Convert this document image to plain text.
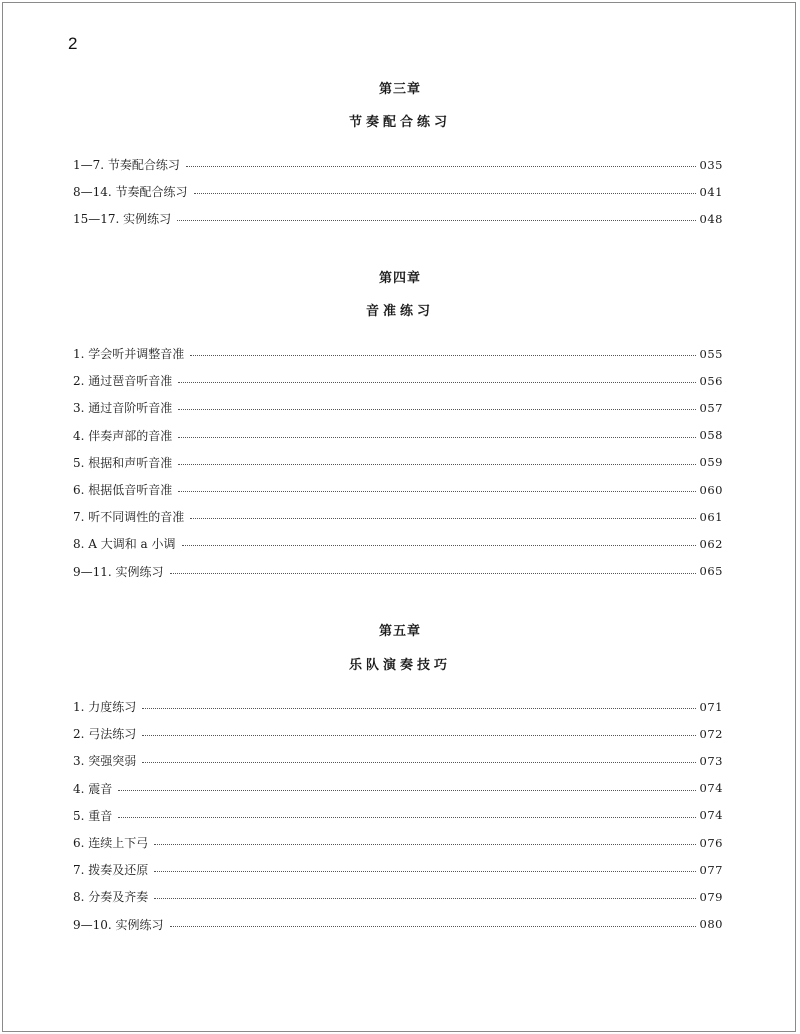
2
第三章
节奏配合练习
1—7. 节奏配合练习	035
8—14. 节奏配合练习	041
15—17. 实例练习	048
第四章
音准练习
1. 学会听并调整音准	055
2. 通过琶音听音准	056
3. 通过音阶听音准	057
4. 伴奏声部的音准	058
5. 根据和声听音准	059
6. 根据低音听音准	060
7. 听不同调性的音准	061
8. A 大调和 a 小调	062
9—11. 实例练习	065
第五章
乐队演奏技巧
1. 力度练习	071
2. 弓法练习	072
3. 突强突弱	073
4. 震音	074
5. 重音	074
6. 连续上下弓	076
7. 拨奏及还原	077
8. 分奏及齐奏	079
9—10. 实例练习	080
